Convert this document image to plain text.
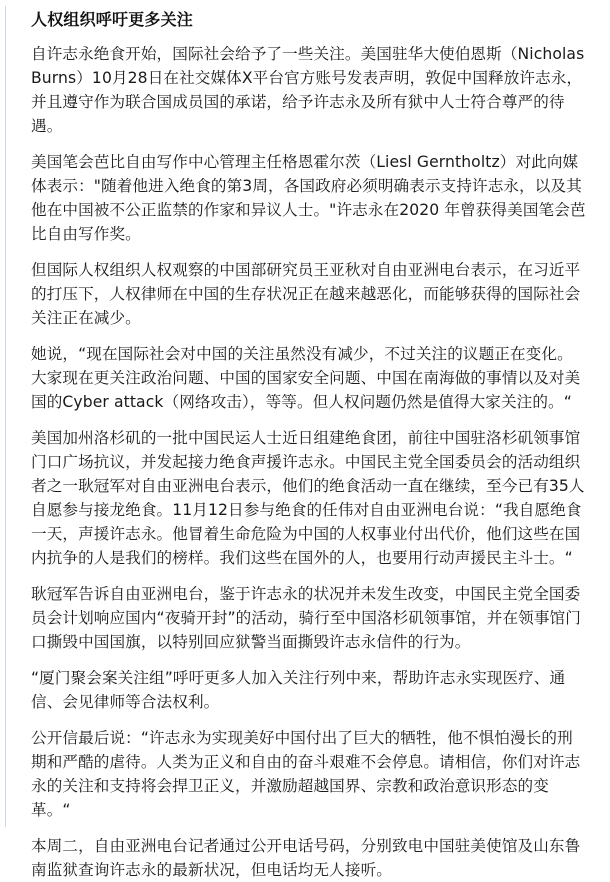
人权组织呼吁更多关注

自许志永绝食开始，国际社会给予了一些关注。美国驻华大使伯恩斯（Nicholas Burns）10月28日在社交媒体X平台官方账号发表声明，敦促中国释放许志永，并且遵守作为联合国成员国的承诺，给予许志永及所有狱中人士符合尊严的待遇。

美国笔会芭比自由写作中心管理主任格恩霍尔茨（Liesl Gerntholtz）对此向媒体表示："随着他进入绝食的第3周，各国政府必须明确表示支持许志永，以及其他在中国被不公正监禁的作家和异议人士。"许志永在2020 年曾获得美国笔会芭比自由写作奖。

但国际人权组织人权观察的中国部研究员王亚秋对自由亚洲电台表示，在习近平的打压下，人权律师在中国的生存状况正在越来越恶化，而能够获得的国际社会关注正在减少。

她说，“现在国际社会对中国的关注虽然没有减少，不过关注的议题正在变化。大家现在更关注政治问题、中国的国家安全问题、中国在南海做的事情以及对美国的Cyber attack（网络攻击），等等。但人权问题仍然是值得大家关注的。“

美国加州洛杉矶的一批中国民运人士近日组建绝食团，前往中国驻洛杉矶领事馆门口广场抗议，并发起接力绝食声援许志永。中国民主党全国委员会的活动组织者之一耿冠军对自由亚洲电台表示，他们的绝食活动一直在继续，至今已有35人自愿参与接龙绝食。11月12日参与绝食的任伟对自由亚洲电台说：“我自愿绝食一天，声援许志永。他冒着生命危险为中国的人权事业付出代价，他们这些在国内抗争的人是我们的榜样。我们这些在国外的人，也要用行动声援民主斗士。“

耿冠军告诉自由亚洲电台，鉴于许志永的状况并未发生改变，中国民主党全国委员会计划响应国内“夜骑开封”的活动，骑行至中国洛杉矶领事馆，并在领事馆门口撕毁中国国旗，以特别回应狱警当面撕毁许志永信件的行为。

“厦门聚会案关注组”呼吁更多人加入关注行列中来，帮助许志永实现医疗、通信、会见律师等合法权利。

公开信最后说：“许志永为实现美好中国付出了巨大的牺牲，他不惧怕漫长的刑期和严酷的虐待。人类为正义和自由的奋斗艰难不会停息。请相信，你们对许志永的关注和支持将会捍卫正义，并激励超越国界、宗教和政治意识形态的变革。“

本周二，自由亚洲电台记者通过公开电话号码，分别致电中国驻美使馆及山东鲁南监狱查询许志永的最新状况，但电话均无人接听。
